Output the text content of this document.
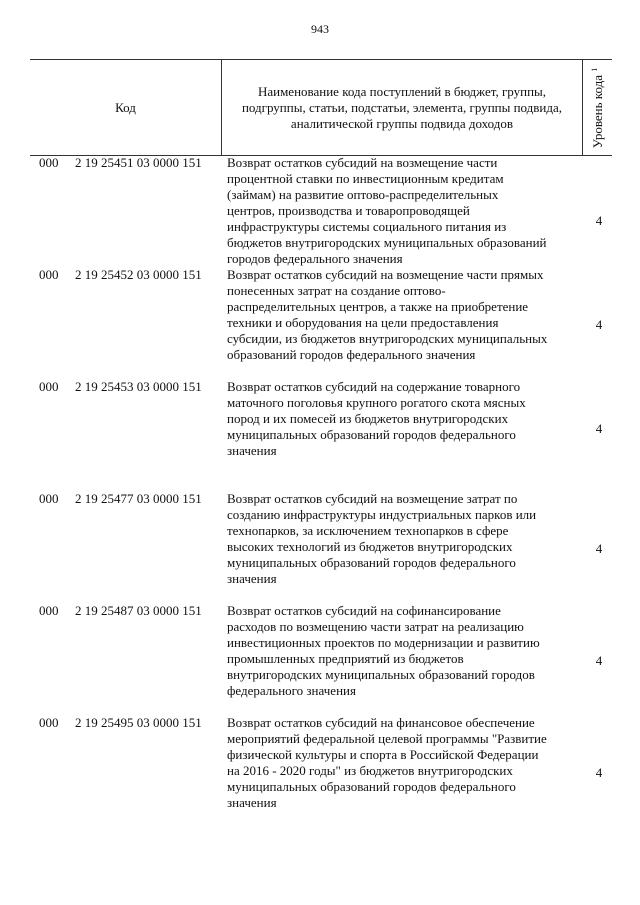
943
Код
Наименование кода поступлений в бюджет, группы,
подгруппы, статьи, подстатьи, элемента, группы подвида,
аналитической группы подвида доходов	Уровень кода $^1$
000 2 19 25451 03 0000 151 Возврат остатков субсидий на возмещение части
процентной ставки по инвестиционным кредитам
(займам) на развитие оптово-распределительных
центров, производства и товаропроводящей
инфраструктуры системы социального питания из
бюджетов внутригородских муниципальных образований
городов федерального значения
4
000 2 19 25452 03 0000 151 Возврат остатков субсидий на возмещение части прямых
понесенных затрат на создание оптово-
распределительных центров, а также на приобретение
техники и оборудования на цели предоставления
субсидии, из бюджетов внутригородских муниципальных
образований городов федерального значения
4
000 2 19 25453 03 0000 151 Возврат остатков субсидий на содержание товарного
маточного поголовья крупного рогатого скота мясных
пород и их помесей из бюджетов внутригородских
муниципальных образований городов федерального
значения
4
000 2 19 25477 03 0000 151 Возврат остатков субсидий на возмещение затрат по
созданию инфраструктуры индустриальных парков или
технопарков, за исключением технопарков в сфере
высоких технологий из бюджетов внутригородских
муниципальных образований городов федерального
значения
4
000 2 19 25487 03 0000 151 Возврат остатков субсидий на софинансирование
расходов по возмещению части затрат на реализацию
инвестиционных проектов по модернизации и развитию
промышленных предприятий из бюджетов
внутригородских муниципальных образований городов
федерального значения
4
000 2 19 25495 03 0000 151 Возврат остатков субсидий на финансовое обеспечение
мероприятий федеральной целевой программы "Развитие
физической культуры и спорта в Российской Федерации
на 2016 - 2020 годы" из бюджетов внутригородских
муниципальных образований городов федерального
значения
4
